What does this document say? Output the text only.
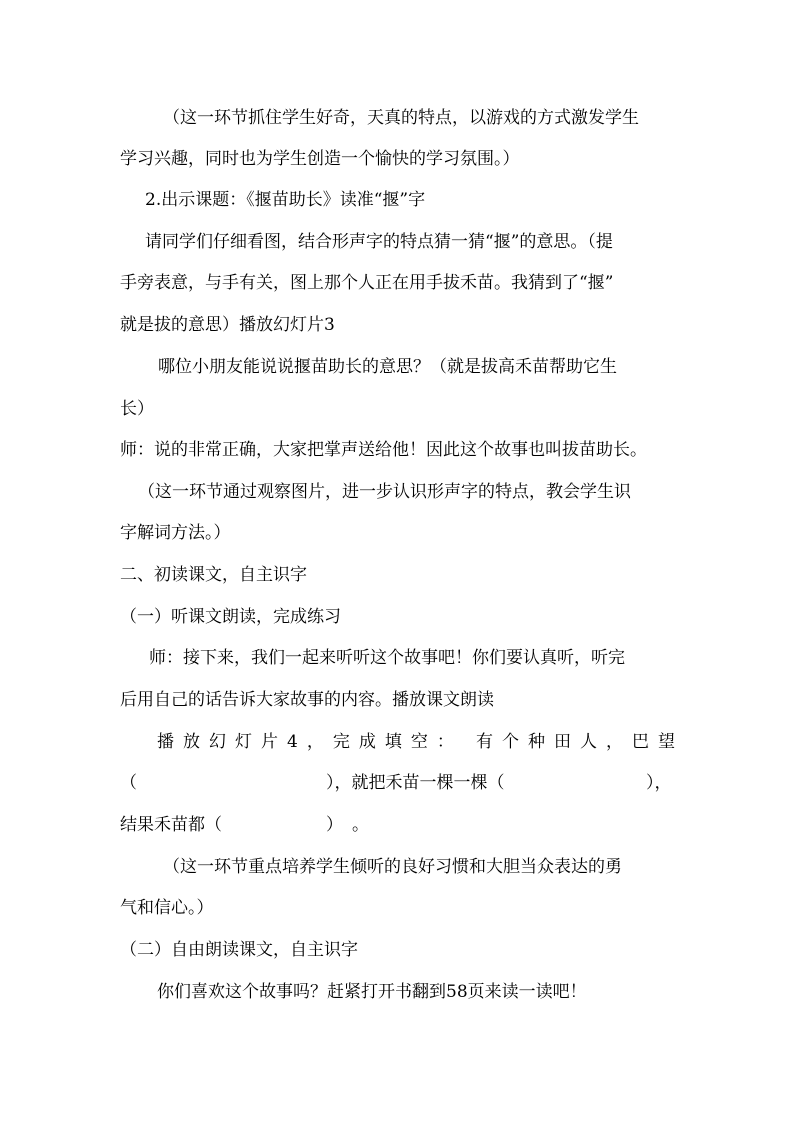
（这一环节抓住学生好奇，天真的特点，以游戏的方式激发学生
学习兴趣，同时也为学生创造一个愉快的学习氛围。）
2.出示课题：《揠苗助长》读准“揠”字
请同学们仔细看图，结合形声字的特点猜一猜“揠”的意思。（提
手旁表意，与手有关，图上那个人正在用手拔禾苗。我猜到了“揠”
就是拔的意思）播放幻灯片3
哪位小朋友能说说揠苗助长的意思？（就是拔高禾苗帮助它生
长）
师：说的非常正确，大家把掌声送给他！因此这个故事也叫拔苗助长。
（这一环节通过观察图片，进一步认识形声字的特点，教会学生识
字解词方法。）
二、初读课文，自主识字
（一）听课文朗读，完成练习
师：接下来，我们一起来听听这个故事吧！你们要认真听，听完
后用自己的话告诉大家故事的内容。播放课文朗读
播放幻灯片4，完成填空： 有个种田人，巴望
（	），就把禾苗一棵一棵（	），
结果禾苗都（	） 。
（这一环节重点培养学生倾听的良好习惯和大胆当众表达的勇
气和信心。）
（二）自由朗读课文，自主识字
你们喜欢这个故事吗？赶紧打开书翻到58页来读一读吧！
